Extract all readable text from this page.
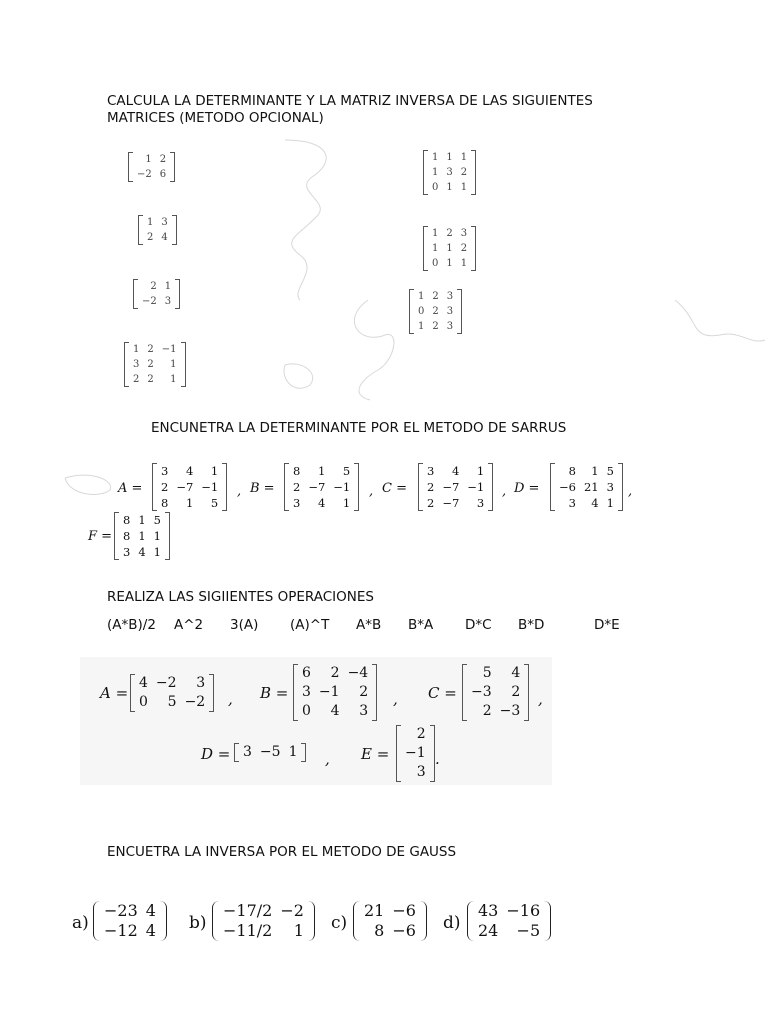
CALCULA LA DETERMINANTE Y LA MATRIZ INVERSA DE LAS SIGUIENTES
MATRICES (METODO OPCIONAL)
1	2
−2	6
1	3
2	4
2	1
−2	3
1	2	−1
3	2	1
2	2	1
1	1	1
1	3	2
0	1	1
1	2	3
1	1	2
0	1	1
1	2	3
0	2	3
1	2	3
ENCUNETRA LA DETERMINANTE POR EL METODO DE SARRUS
A =
3	4	1
2	−7	−1
8	1	5
, B =
8	1	5
2	−7	−1
3	4	1
, C =
3	4	1
2	−7	−1
2	−7	3
, D =
8	1	5
−6	21	3
3	4	1
,
F =
8	1	5
8	1	1
3	4	1
REALIZA LAS SIGIIENTES OPERACIONES
(A*B)/2 A^2 3(A) (A)^T A*B B*A D*C B*D	D*E
A =
4	−2	3
0	5	−2 , B =
6	2	−4
3	−1	2
0	4	3
, C =
5	4
−3	2
2	−3
,
D = 3	−5	1 , E =
2
−1
3
.
ENCUETRA LA INVERSA POR EL METODO DE GAUSS
a)
−23	4
−12	4 b)
−17/2	−2
−11/2	1 c)
21	−6
8	−6 d)
43	−16
24	−5
